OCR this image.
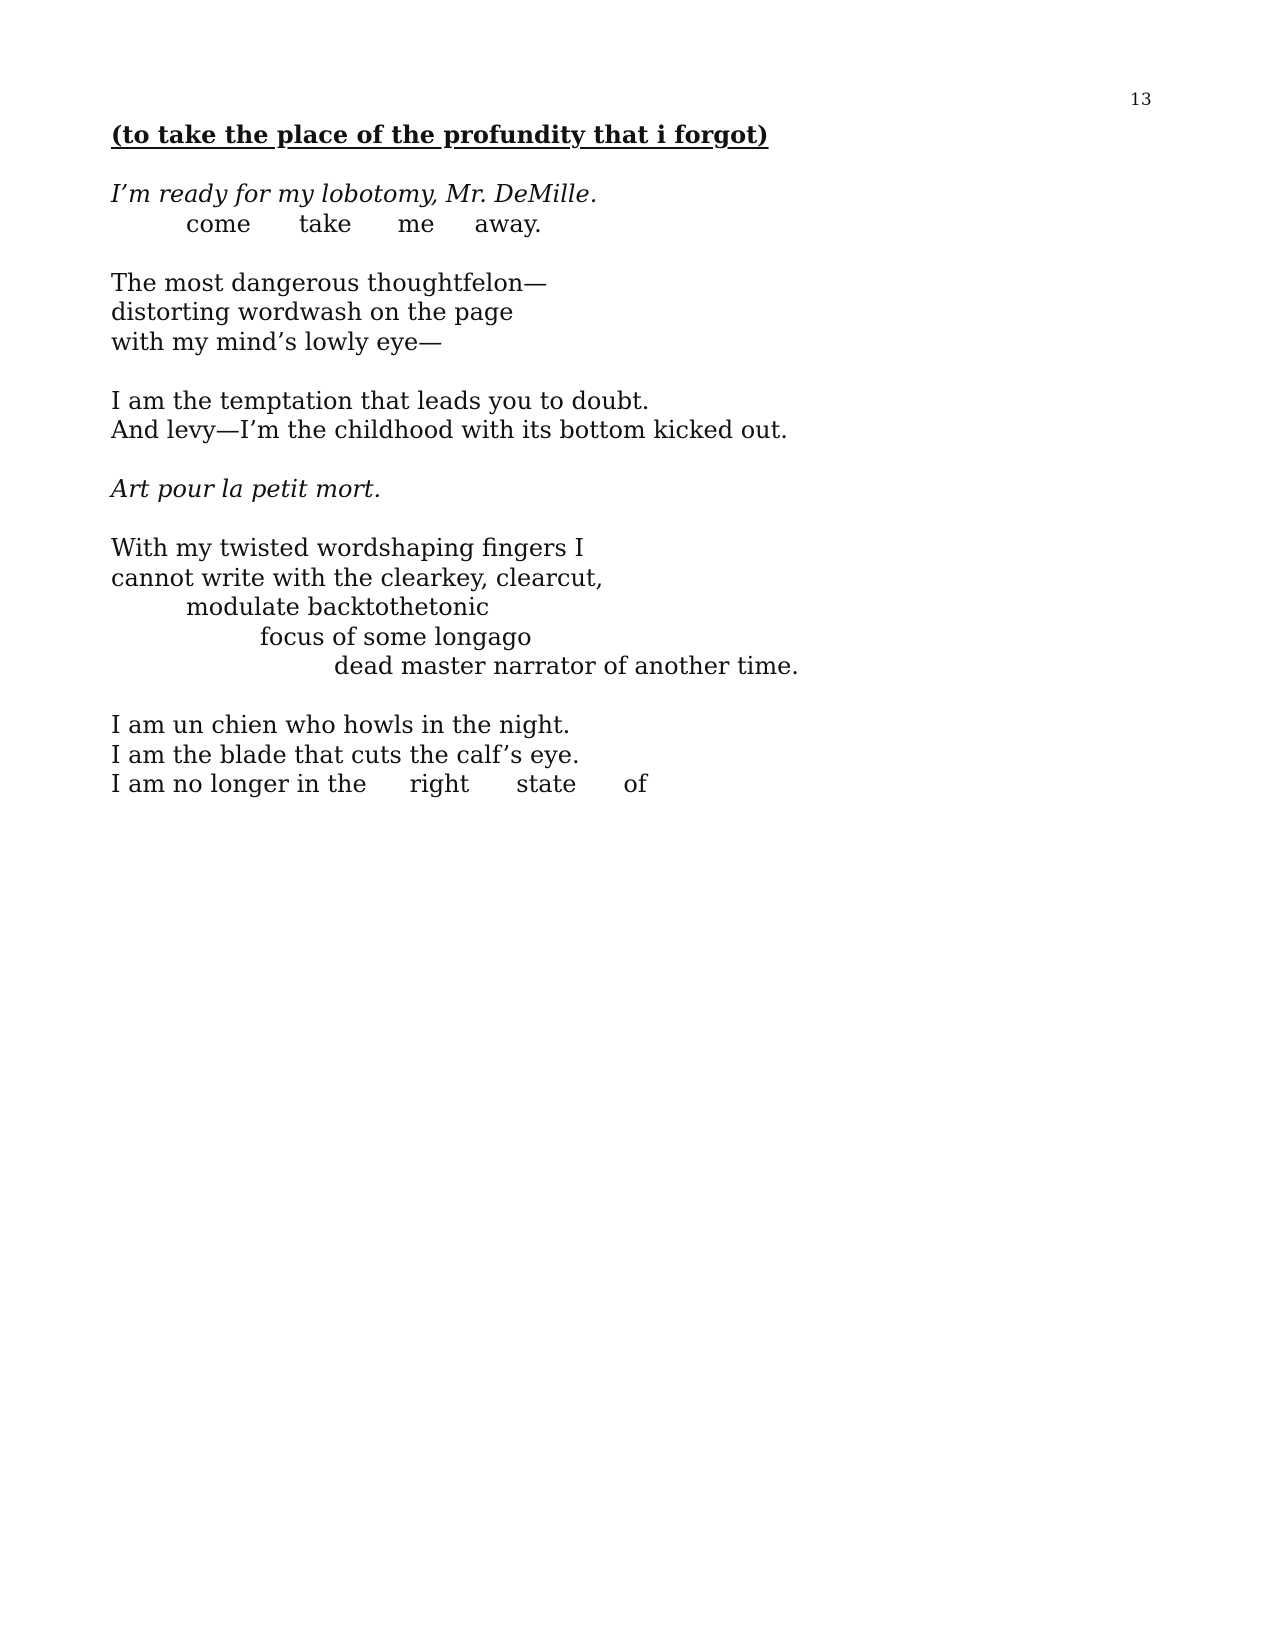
13
(to take the place of the profundity that i forgot)
I’m ready for my lobotomy, Mr. DeMille.
come take me away.
The most dangerous thoughtfelon—
distorting wordwash on the page
with my mind’s lowly eye—
I am the temptation that leads you to doubt.
And levy—I’m the childhood with its bottom kicked out.
Art pour la petit mort.
With my twisted wordshaping fingers I
cannot write with the clearkey, clearcut,
modulate backtothetonic
focus of some longago
dead master narrator of another time.
I am un chien who howls in the night.
I am the blade that cuts the calf’s eye.
I am no longer in the right state of
